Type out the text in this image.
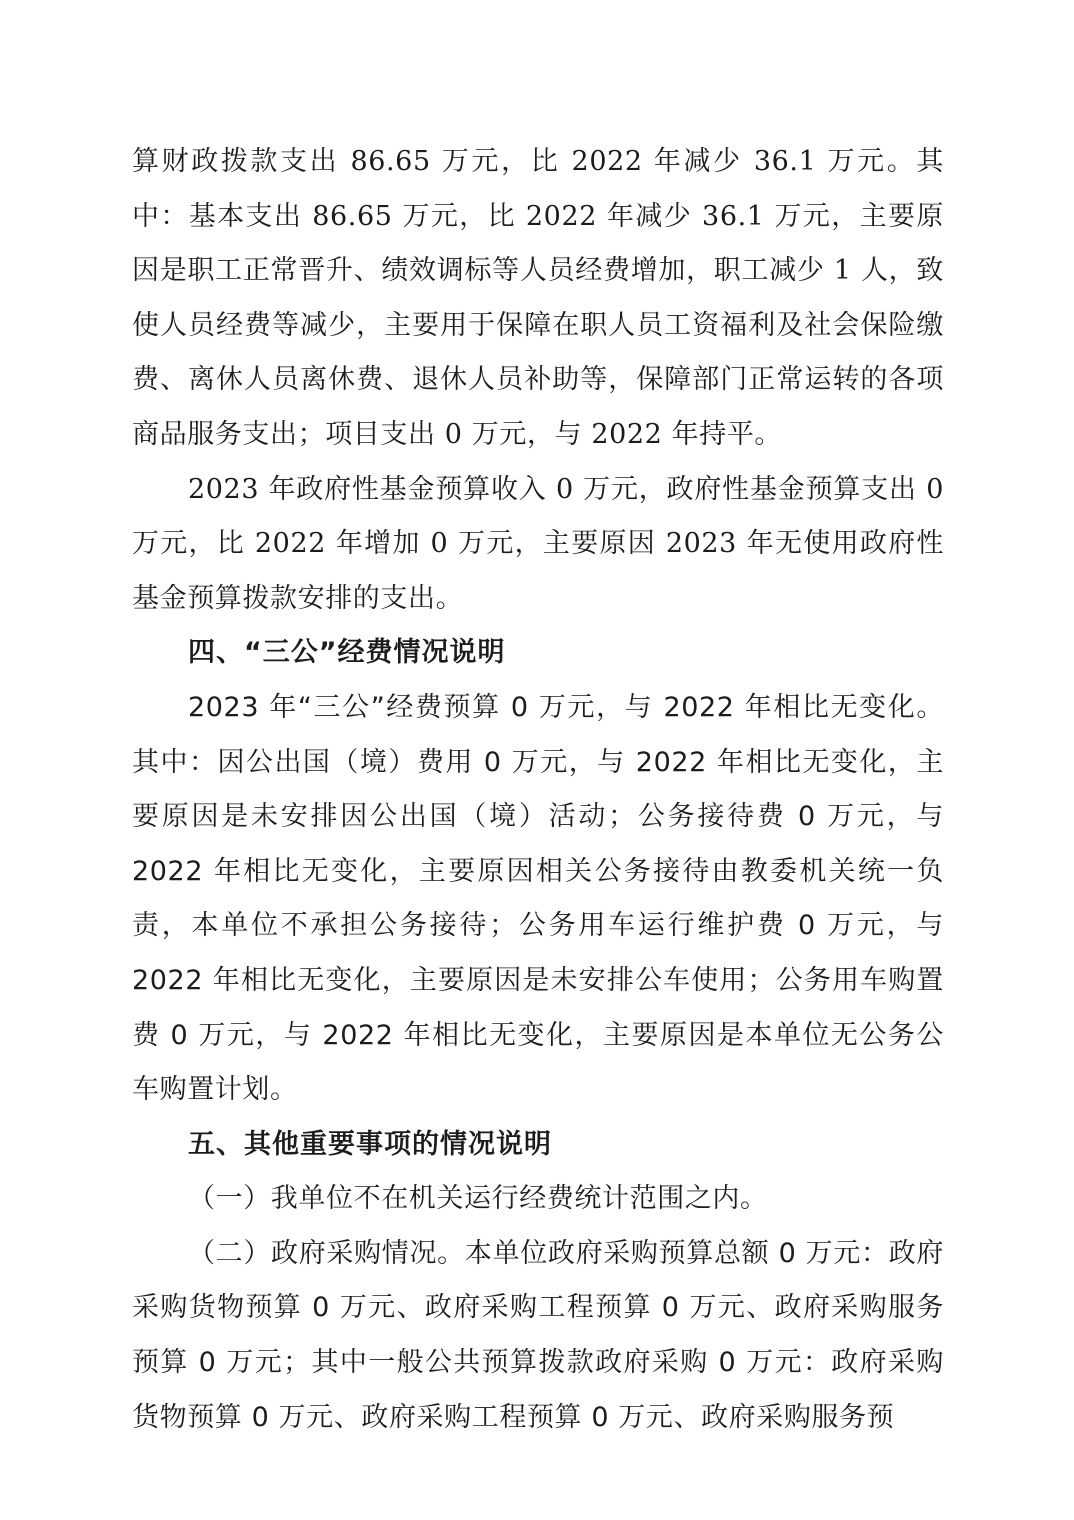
算财政拨款支出 86.65 万元，比 2022 年减少 36.1 万元。其中：基本支出 86.65 万元，比 2022 年减少 36.1 万元，主要原因是职工正常晋升、绩效调标等人员经费增加，职工减少 1 人，致使人员经费等减少，主要用于保障在职人员工资福利及社会保险缴费、离休人员离休费、退休人员补助等，保障部门正常运转的各项商品服务支出；项目支出 0 万元，与 2022 年持平。

2023 年政府性基金预算收入 0 万元，政府性基金预算支出 0 万元，比 2022 年增加 0 万元，主要原因 2023 年无使用政府性基金预算拨款安排的支出。

四、“三公”经费情况说明

2023 年“三公”经费预算 0 万元，与 2022 年相比无变化。其中：因公出国（境）费用 0 万元，与 2022 年相比无变化，主要原因是未安排因公出国（境）活动；公务接待费 0 万元，与 2022 年相比无变化，主要原因相关公务接待由教委机关统一负责，本单位不承担公务接待；公务用车运行维护费 0 万元，与 2022 年相比无变化，主要原因是未安排公车使用；公务用车购置费 0 万元，与 2022 年相比无变化，主要原因是本单位无公务公车购置计划。

五、其他重要事项的情况说明

（一）我单位不在机关运行经费统计范围之内。

（二）政府采购情况。本单位政府采购预算总额 0 万元：政府采购货物预算 0 万元、政府采购工程预算 0 万元、政府采购服务预算 0 万元；其中一般公共预算拨款政府采购 0 万元：政府采购货物预算 0 万元、政府采购工程预算 0 万元、政府采购服务预
